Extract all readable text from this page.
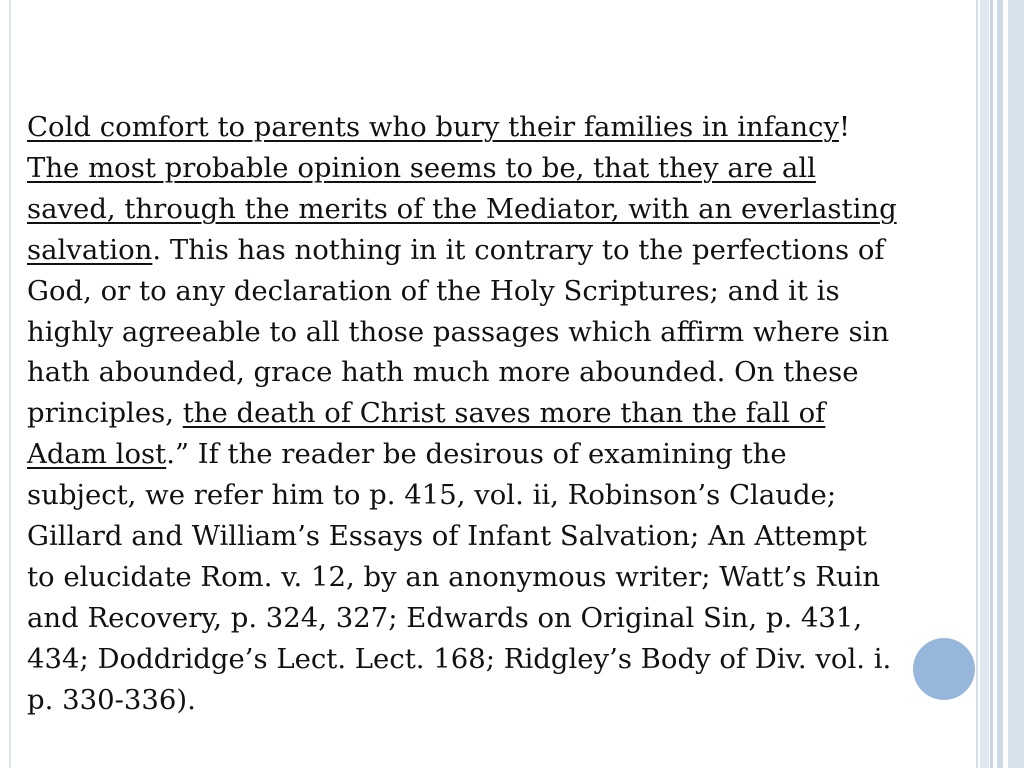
Cold comfort to parents who bury their families in infancy!
The most probable opinion seems to be, that they are all
saved, through the merits of the Mediator, with an everlasting
salvation. This has nothing in it contrary to the perfections of
God, or to any declaration of the Holy Scriptures; and it is
highly agreeable to all those passages which affirm where sin
hath abounded, grace hath much more abounded. On these
principles, the death of Christ saves more than the fall of
Adam lost.” If the reader be desirous of examining the
subject, we refer him to p. 415, vol. ii, Robinson’s Claude;
Gillard and William’s Essays of Infant Salvation; An Attempt
to elucidate Rom. v. 12, by an anonymous writer; Watt’s Ruin
and Recovery, p. 324, 327; Edwards on Original Sin, p. 431,
434; Doddridge’s Lect. Lect. 168; Ridgley’s Body of Div. vol. i.
p. 330-336).
